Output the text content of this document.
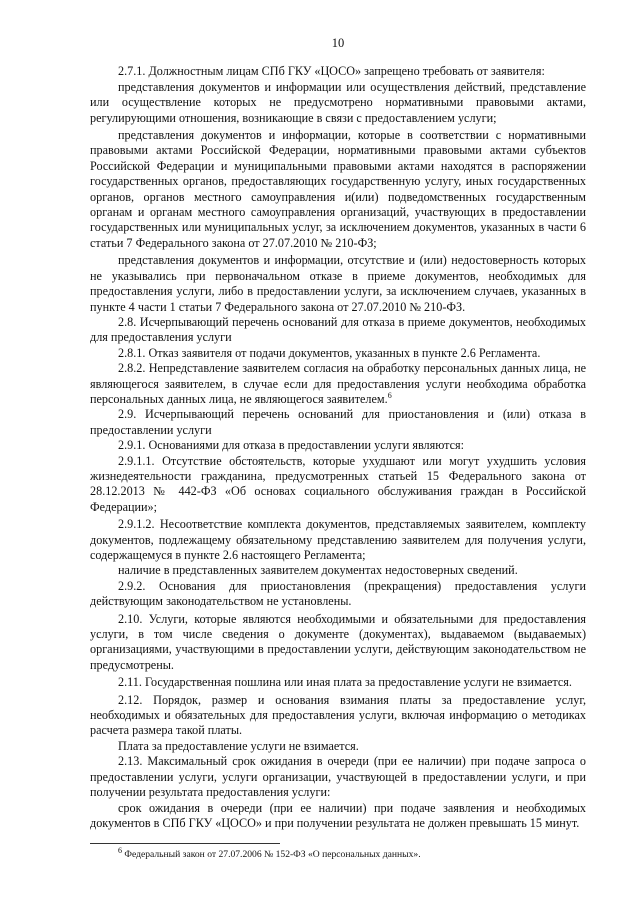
10

2.7.1. Должностным лицам СПб ГКУ «ЦОСО» запрещено требовать от заявителя:

представления документов и информации или осуществления действий, представление или осуществление которых не предусмотрено нормативными правовыми актами, регулирующими отношения, возникающие в связи с предоставлением услуги;

представления документов и информации, которые в соответствии с нормативными правовыми актами Российской Федерации, нормативными правовыми актами субъектов Российской Федерации и муниципальными правовыми актами находятся в распоряжении государственных органов, предоставляющих государственную услугу, иных государственных органов, органов местного самоуправления и(или) подведомственных государственным органам и органам местного самоуправления организаций, участвующих в предоставлении государственных или муниципальных услуг, за исключением документов, указанных в части 6 статьи 7 Федерального закона от 27.07.2010 № 210-ФЗ;

представления документов и информации, отсутствие и (или) недостоверность которых не указывались при первоначальном отказе в приеме документов, необходимых для предоставления услуги, либо в предоставлении услуги, за исключением случаев, указанных в пункте 4 части 1 статьи 7 Федерального закона от 27.07.2010 № 210-ФЗ.

2.8. Исчерпывающий перечень оснований для отказа в приеме документов, необходимых для предоставления услуги

2.8.1. Отказ заявителя от подачи документов, указанных в пункте 2.6 Регламента.

2.8.2. Непредставление заявителем согласия на обработку персональных данных лица, не являющегося заявителем, в случае если для предоставления услуги необходима обработка персональных данных лица, не являющегося заявителем.$^6$

2.9. Исчерпывающий перечень оснований для приостановления и (или) отказа в предоставлении услуги

2.9.1. Основаниями для отказа в предоставлении услуги являются:

2.9.1.1. Отсутствие обстоятельств, которые ухудшают или могут ухудшить условия жизнедеятельности гражданина, предусмотренных статьей 15 Федерального закона от 28.12.2013 № 442-ФЗ «Об основах социального обслуживания граждан в Российской Федерации»;

2.9.1.2. Несоответствие комплекта документов, представляемых заявителем, комплекту документов, подлежащему обязательному представлению заявителем для получения услуги, содержащемуся в пункте 2.6 настоящего Регламента;

наличие в представленных заявителем документах недостоверных сведений.

2.9.2. Основания для приостановления (прекращения) предоставления услуги действующим законодательством не установлены.

2.10. Услуги, которые являются необходимыми и обязательными для предоставления услуги, в том числе сведения о документе (документах), выдаваемом (выдаваемых) организациями, участвующими в предоставлении услуги, действующим законодательством не предусмотрены.

2.11. Государственная пошлина или иная плата за предоставление услуги не взимается.

2.12. Порядок, размер и основания взимания платы за предоставление услуг, необходимых и обязательных для предоставления услуги, включая информацию о методиках расчета размера такой платы.

Плата за предоставление услуги не взимается.

2.13. Максимальный срок ожидания в очереди (при ее наличии) при подаче запроса о предоставлении услуги, услуги организации, участвующей в предоставлении услуги, и при получении результата предоставления услуги:

срок ожидания в очереди (при ее наличии) при подаче заявления и необходимых документов в СПб ГКУ «ЦОСО» и при получении результата не должен превышать 15 минут.

$^6$ Федеральный закон от 27.07.2006 № 152-ФЗ «О персональных данных».
